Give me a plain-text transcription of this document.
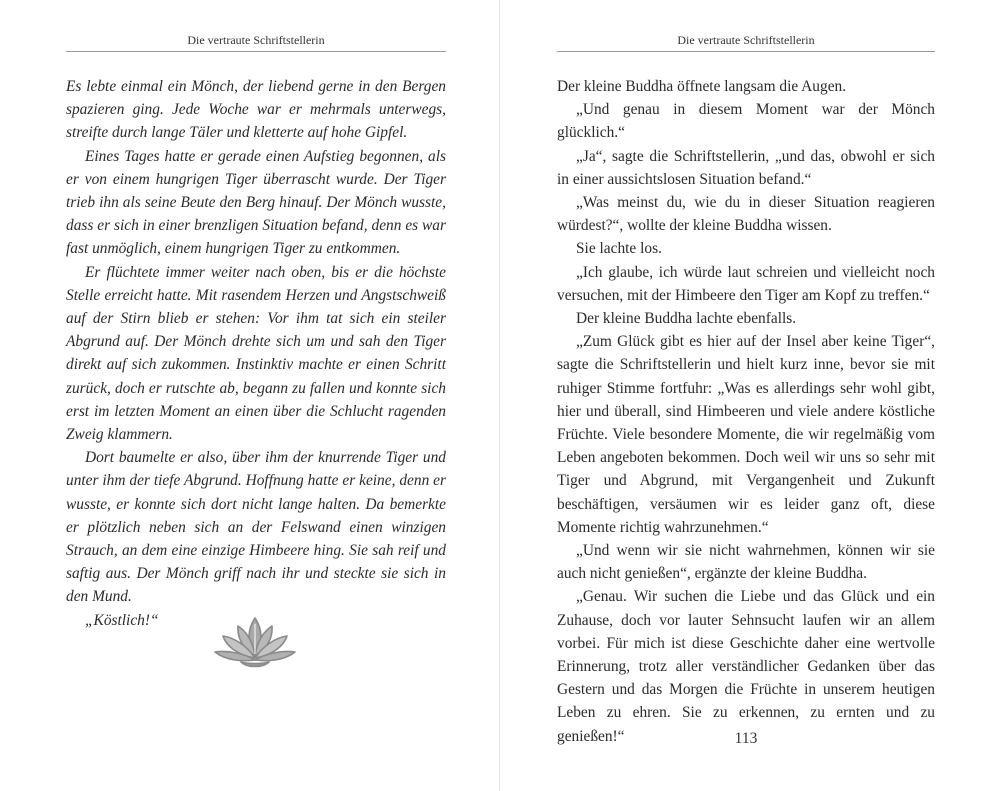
Die vertraute Schriftstellerin

Es lebte einmal ein Mönch, der liebend gerne in den Bergen spazieren ging. Jede Woche war er mehrmals unterwegs, streifte durch lange Täler und kletterte auf hohe Gipfel.

Eines Tages hatte er gerade einen Aufstieg begonnen, als er von einem hungrigen Tiger überrascht wurde. Der Tiger trieb ihn als seine Beute den Berg hinauf. Der Mönch wusste, dass er sich in einer brenzligen Situation befand, denn es war fast unmöglich, einem hungrigen Tiger zu entkommen.

Er flüchtete immer weiter nach oben, bis er die höchste Stelle erreicht hatte. Mit rasendem Herzen und Angstschweiß auf der Stirn blieb er stehen: Vor ihm tat sich ein steiler Abgrund auf. Der Mönch drehte sich um und sah den Tiger direkt auf sich zukommen. Instinktiv machte er einen Schritt zurück, doch er rutschte ab, begann zu fallen und konnte sich erst im letzten Moment an einen über die Schlucht ragenden Zweig klammern.

Dort baumelte er also, über ihm der knurrende Tiger und unter ihm der tiefe Abgrund. Hoffnung hatte er keine, denn er wusste, er konnte sich dort nicht lange halten. Da bemerkte er plötzlich neben sich an der Felswand einen winzigen Strauch, an dem eine einzige Himbeere hing. Sie sah reif und saftig aus. Der Mönch griff nach ihr und steckte sie sich in den Mund.

„Köstlich!“

Die vertraute Schriftstellerin

Der kleine Buddha öffnete langsam die Augen.

„Und genau in diesem Moment war der Mönch glücklich.“

„Ja“, sagte die Schriftstellerin, „und das, obwohl er sich in einer aussichtslosen Situation befand.“

„Was meinst du, wie du in dieser Situation reagieren würdest?“, wollte der kleine Buddha wissen.

Sie lachte los.

„Ich glaube, ich würde laut schreien und vielleicht noch versuchen, mit der Himbeere den Tiger am Kopf zu treffen.“

Der kleine Buddha lachte ebenfalls.

„Zum Glück gibt es hier auf der Insel aber keine Tiger“, sagte die Schriftstellerin und hielt kurz inne, bevor sie mit ruhiger Stimme fortfuhr: „Was es allerdings sehr wohl gibt, hier und überall, sind Himbeeren und viele andere köstliche Früchte. Viele besondere Momente, die wir regelmäßig vom Leben angeboten bekommen. Doch weil wir uns so sehr mit Tiger und Abgrund, mit Vergangenheit und Zukunft beschäftigen, versäumen wir es leider ganz oft, diese Momente richtig wahrzunehmen.“

„Und wenn wir sie nicht wahrnehmen, können wir sie auch nicht genießen“, ergänzte der kleine Buddha.

„Genau. Wir suchen die Liebe und das Glück und ein Zuhause, doch vor lauter Sehnsucht laufen wir an allem vorbei. Für mich ist diese Geschichte daher eine wertvolle Erinnerung, trotz aller verständlicher Gedanken über das Gestern und das Morgen die Früchte in unserem heutigen Leben zu ehren. Sie zu erkennen, zu ernten und zu genießen!“	113
